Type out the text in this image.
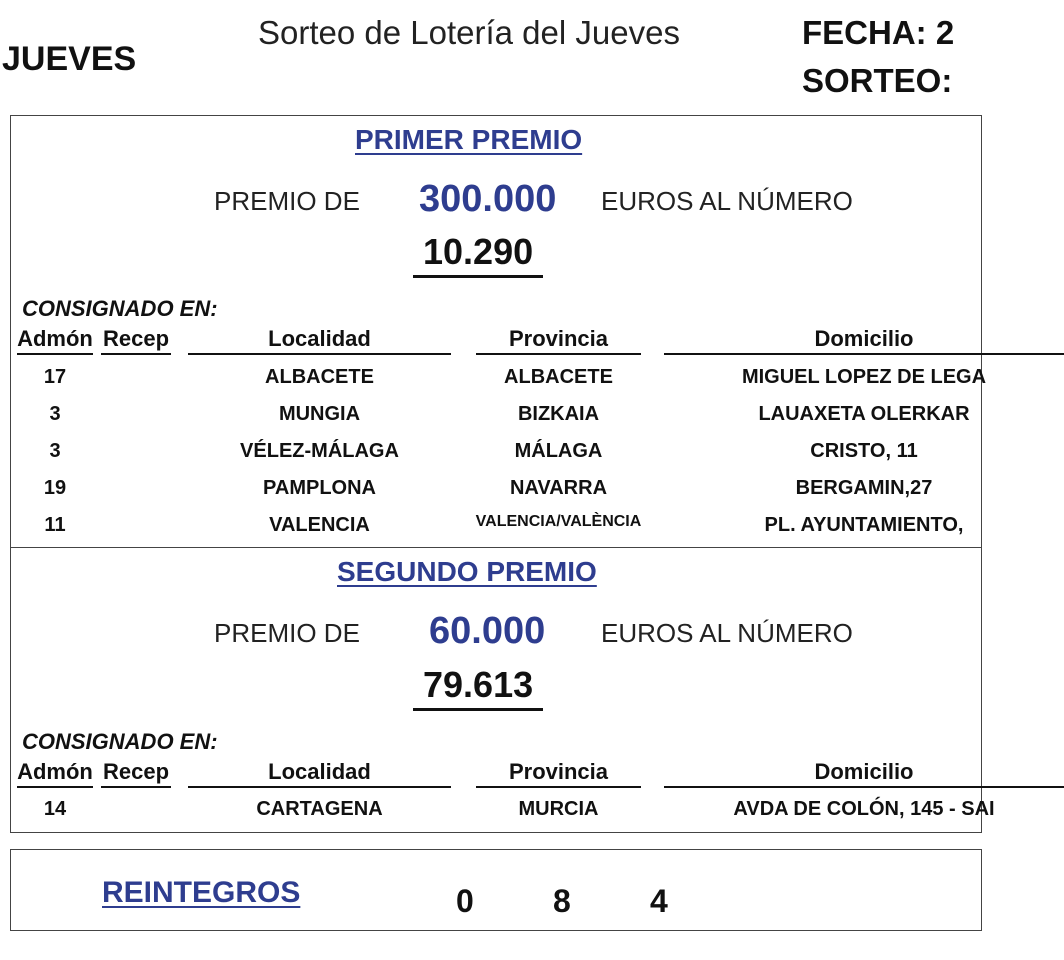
JUEVES
Sorteo de Lotería del Jueves	FECHA: 2
SORTEO:
PRIMER PREMIO
PREMIO DE 300.000 EUROS AL NÚMERO
10.290
CONSIGNADO EN:
Admón Recep	Localidad	Provincia	Domicilio
17	ALBACETE	ALBACETE	MIGUEL LOPEZ DE LEGA
3	MUNGIA	BIZKAIA	LAUAXETA OLERKAR
3	VÉLEZ-MÁLAGA	MÁLAGA	CRISTO, 11
19	PAMPLONA	NAVARRA	BERGAMIN,27
11	VALENCIA	VALENCIA/VALÈNCIA	PL. AYUNTAMIENTO,
SEGUNDO PREMIO
PREMIO DE 60.000 EUROS AL NÚMERO
79.613
CONSIGNADO EN:
Admón Recep	Localidad	Provincia	Domicilio
14	CARTAGENA	MURCIA	AVDA DE COLÓN, 145 - SAI
REINTEGROS	0 8 4
